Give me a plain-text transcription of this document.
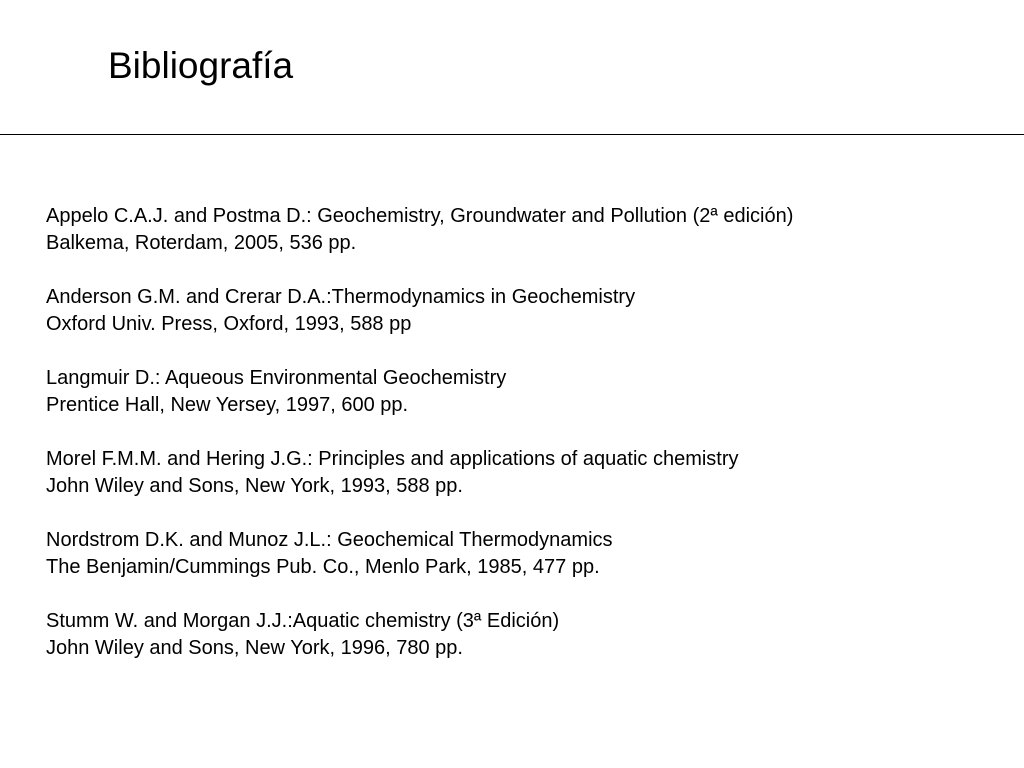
Bibliografía
Appelo C.A.J. and Postma D.: Geochemistry, Groundwater and Pollution (2ª edición)
Balkema, Roterdam, 2005, 536 pp.
Anderson G.M. and Crerar D.A.:Thermodynamics in Geochemistry
Oxford Univ. Press, Oxford, 1993, 588 pp
Langmuir D.: Aqueous Environmental Geochemistry
Prentice Hall, New Yersey, 1997, 600 pp.
Morel F.M.M. and Hering J.G.: Principles and applications of aquatic chemistry
John Wiley and Sons, New York, 1993, 588 pp.
Nordstrom D.K. and Munoz J.L.: Geochemical Thermodynamics
The Benjamin/Cummings Pub. Co., Menlo Park, 1985, 477 pp.
Stumm W. and Morgan J.J.:Aquatic chemistry (3ª Edición)
John Wiley and Sons, New York, 1996, 780 pp.
